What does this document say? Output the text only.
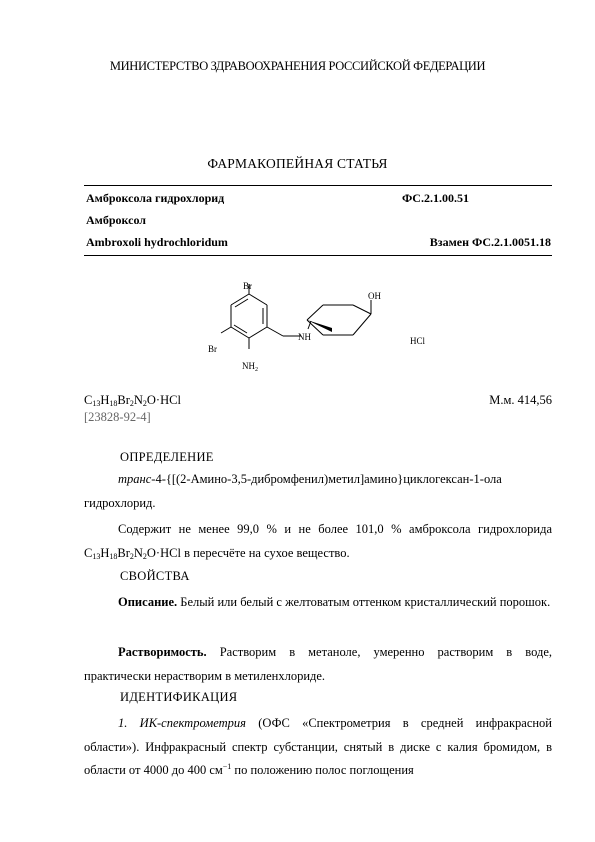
МИНИСТЕРСТВО ЗДРАВООХРАНЕНИЯ РОССИЙСКОЙ ФЕДЕРАЦИИ
ФАРМАКОПЕЙНАЯ СТАТЬЯ
Амброксола гидрохлорид	ФС.2.1.00.51
Амброксол
Ambroxoli hydrochloridum	Взамен ФС.2.1.0051.18
Br
Br
$NH_2$
NH
OH
HCl
$C_{13}H_{18}Br_2N_2O\cdot HCl$	М.м. 414,56
[23828-92-4]
ОПРЕДЕЛЕНИЕ
транс-4-{[(2-Амино-3,5-дибромфенил)метил]амино}циклогексан-1-ола гидрохлорид.
Содержит не менее 99,0 % и не более 101,0 % амброксола гидрохлорида $C_{13}H_{18}Br_2N_2O\cdot HCl$ в пересчёте на сухое вещество.
СВОЙСТВА
Описание. Белый или белый с желтоватым оттенком кристаллический порошок.
Растворимость. Растворим в метаноле, умеренно растворим в воде, практически нерастворим в метиленхлориде.
ИДЕНТИФИКАЦИЯ
1. ИК-спектрометрия (ОФС «Спектрометрия в средней инфракрасной области»). Инфракрасный спектр субстанции, снятый в диске с калия бромидом, в области от 4000 до 400 $см^{-1}$ по положению полос поглощения
